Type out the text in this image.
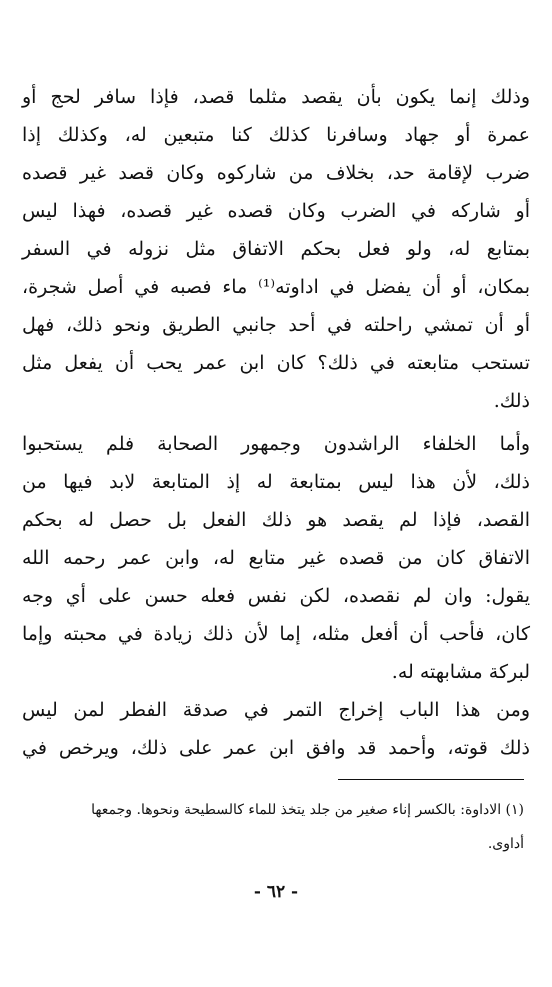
وذلك إنما يكون بأن يقصد مثلما قصد، فإذا سافر لحج أو
عمرة أو جهاد وسافرنا كذلك كنا متبعين له، وكذلك إذا
ضرب لإقامة حد، بخلاف من شاركوه وكان قصد غير قصده
أو شاركه في الضرب وكان قصده غير قصده، فهذا ليس
بمتابع له، ولو فعل بحكم الاتفاق مثل نزوله في السفر
بمكان، أو أن يفضل في اداوته⁽¹⁾ ماء فصبه في أصل شجرة،
أو أن تمشي راحلته في أحد جانبي الطريق ونحو ذلك، فهل
تستحب متابعته في ذلك؟ كان ابن عمر يحب أن يفعل مثل
ذلك.
وأما الخلفاء الراشدون وجمهور الصحابة فلم يستحبوا
ذلك، لأن هذا ليس بمتابعة له إذ المتابعة لابد فيها من
القصد، فإذا لم يقصد هو ذلك الفعل بل حصل له بحكم
الاتفاق كان من قصده غير متابع له، وابن عمر رحمه الله
يقول: وان لم نقصده، لكن نفس فعله حسن على أي وجه
كان، فأحب أن أفعل مثله، إما لأن ذلك زيادة في محبته وإما
لبركة مشابهته له.
ومن هذا الباب إخراج التمر في صدقة الفطر لمن ليس
ذلك قوته، وأحمد قد وافق ابن عمر على ذلك، ويرخص في
(١) الاداوة: بالكسر إناء صغير من جلد يتخذ للماء كالسطيحة ونحوها. وجمعها
أداوى.
- ٦٢ -
